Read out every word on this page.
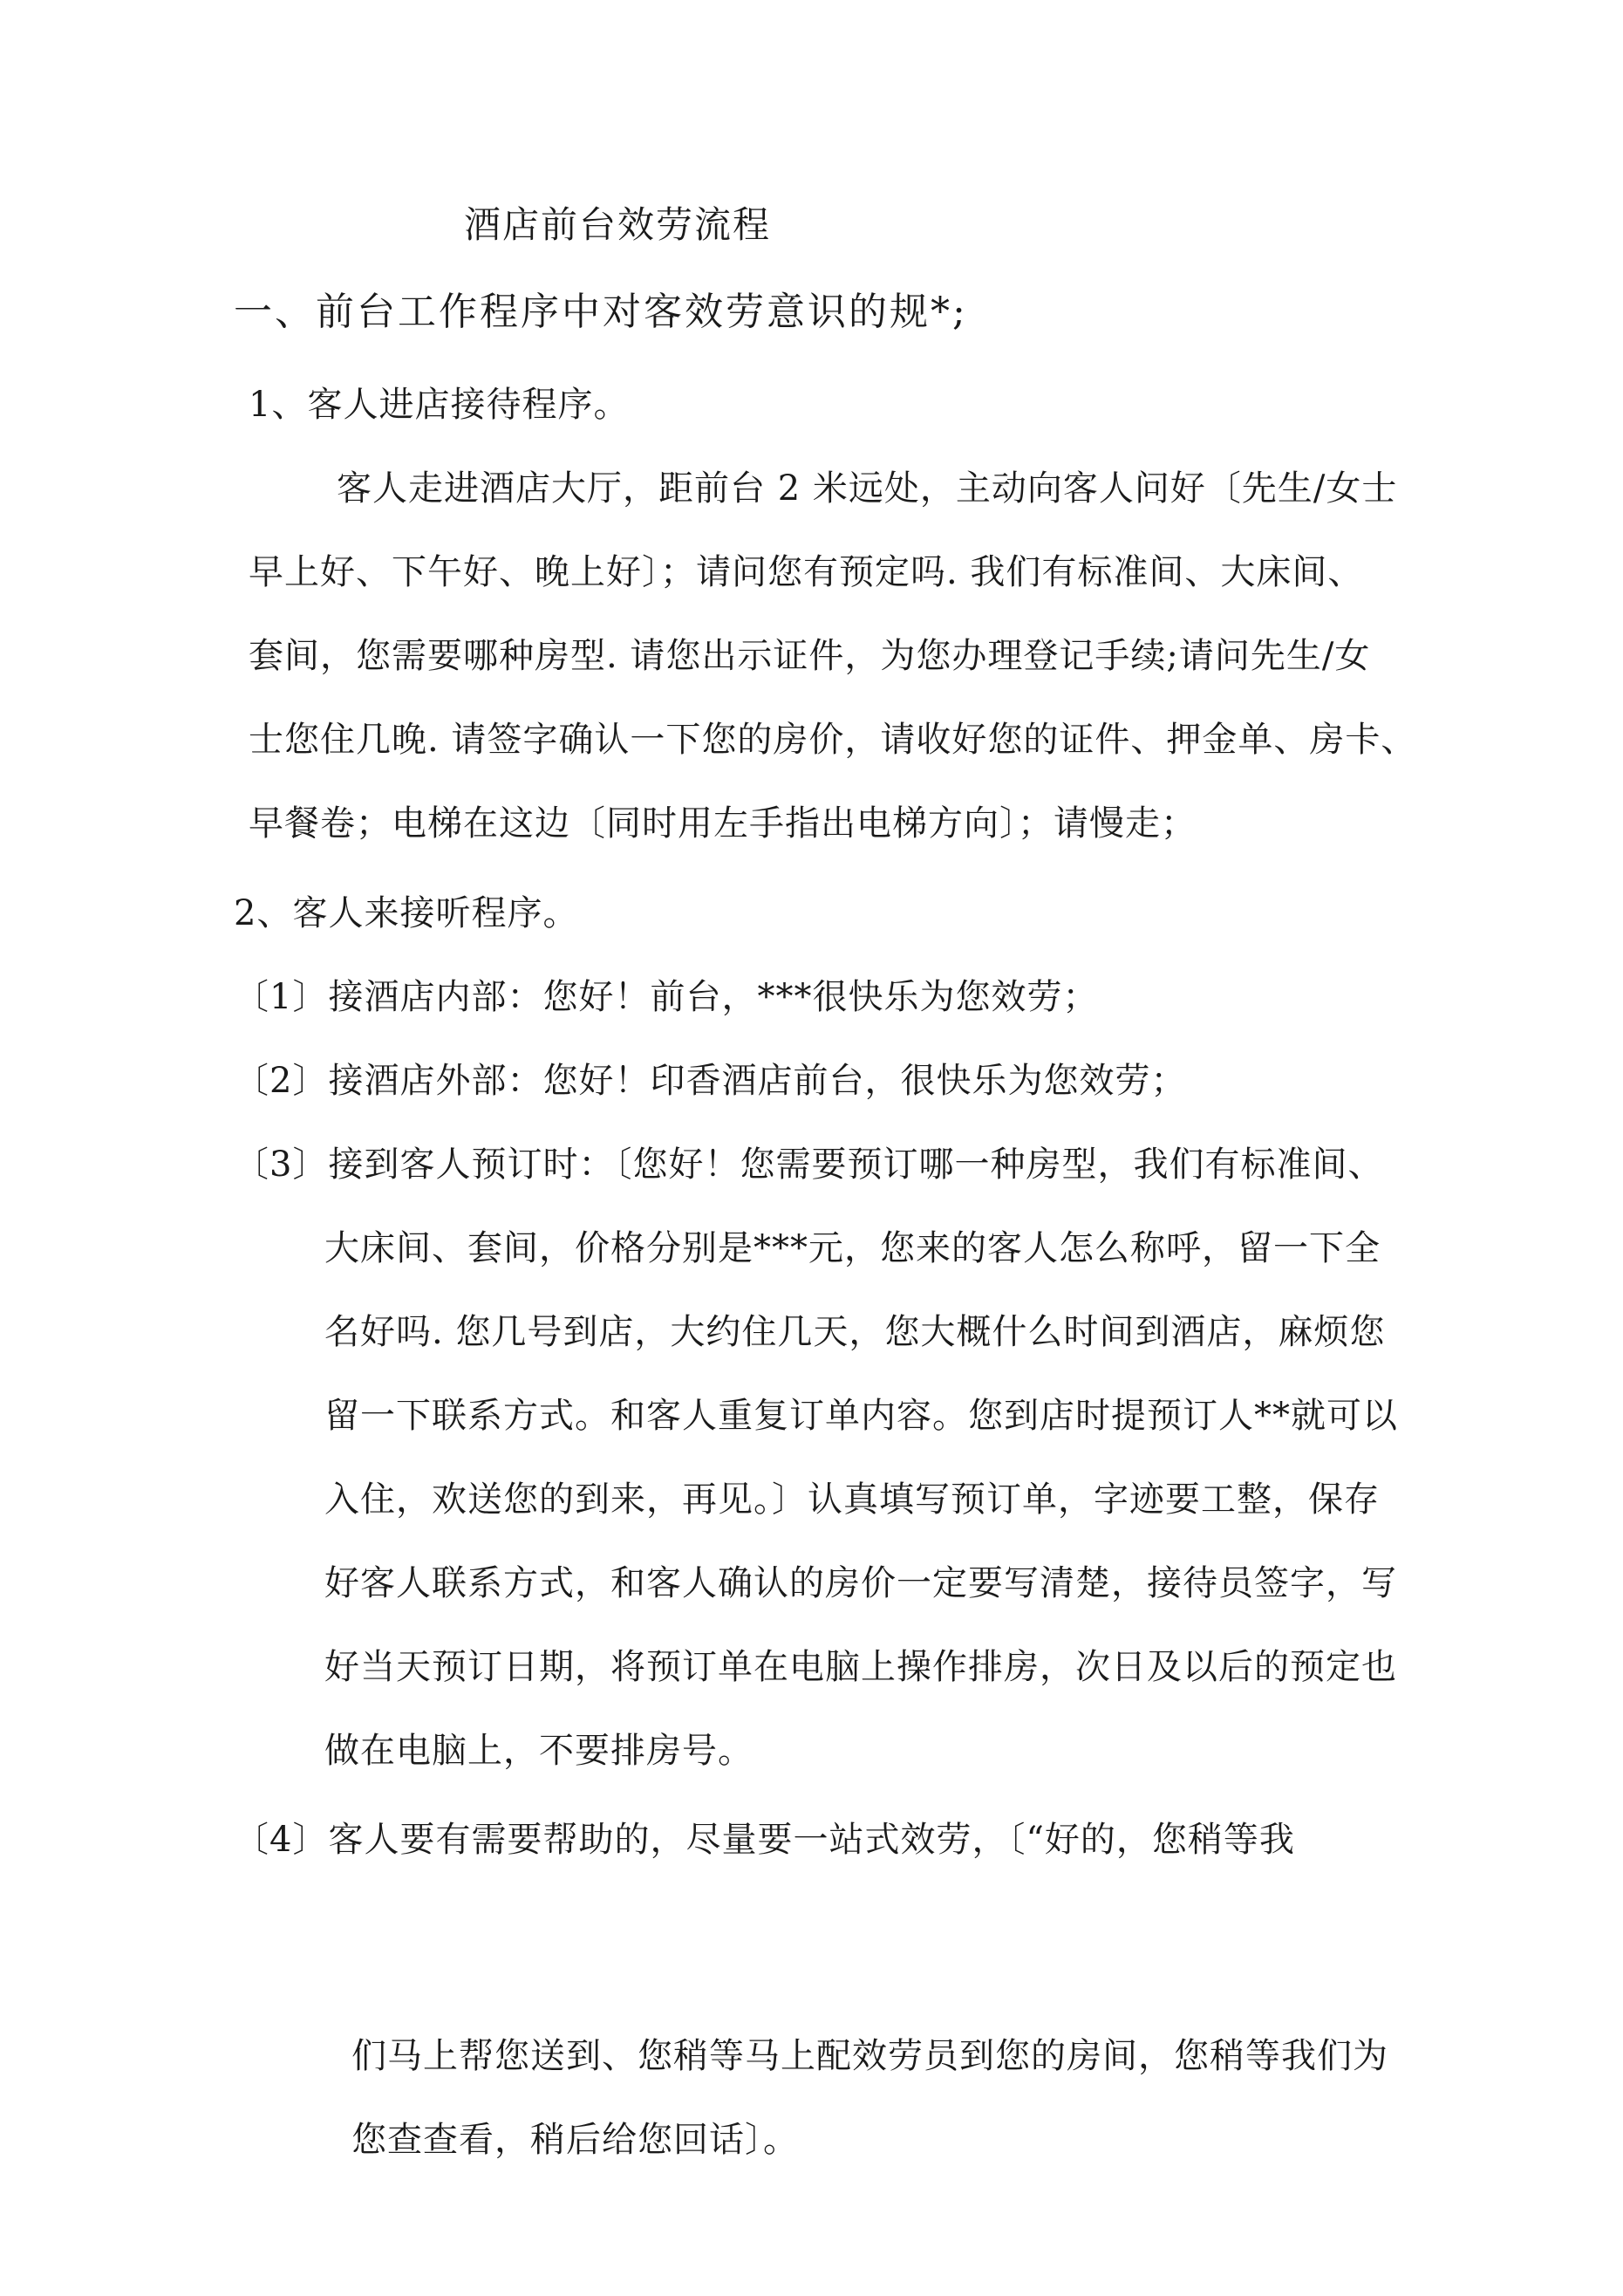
酒店前台效劳流程
一、前台工作程序中对客效劳意识的规*;
1、客人进店接待程序。
客人走进酒店大厅，距前台 2 米远处，主动向客人问好〔先生/女士
早上好、下午好、晚上好〕；请问您有预定吗. 我们有标准间、大床间、
套间，您需要哪种房型. 请您出示证件，为您办理登记手续;请问先生/女
士您住几晚. 请签字确认一下您的房价，请收好您的证件、押金单、房卡、
早餐卷；电梯在这边〔同时用左手指出电梯方向〕；请慢走；
2、客人来接听程序。
〔1〕接酒店内部：您好！前台，***很快乐为您效劳；
〔2〕接酒店外部：您好！印香酒店前台，很快乐为您效劳；
〔3〕接到客人预订时：〔您好！您需要预订哪一种房型，我们有标准间、
大床间、套间，价格分别是***元，您来的客人怎么称呼，留一下全
名好吗. 您几号到店，大约住几天，您大概什么时间到酒店，麻烦您
留一下联系方式。和客人重复订单内容。您到店时提预订人**就可以
入住，欢送您的到来，再见。〕认真填写预订单，字迹要工整，保存
好客人联系方式，和客人确认的房价一定要写清楚，接待员签字，写
好当天预订日期，将预订单在电脑上操作排房，次日及以后的预定也
做在电脑上，不要排房号。
〔4〕客人要有需要帮助的，尽量要一站式效劳，〔“好的，您稍等我
们马上帮您送到、您稍等马上配效劳员到您的房间，您稍等我们为
您查查看，稍后给您回话〕。
